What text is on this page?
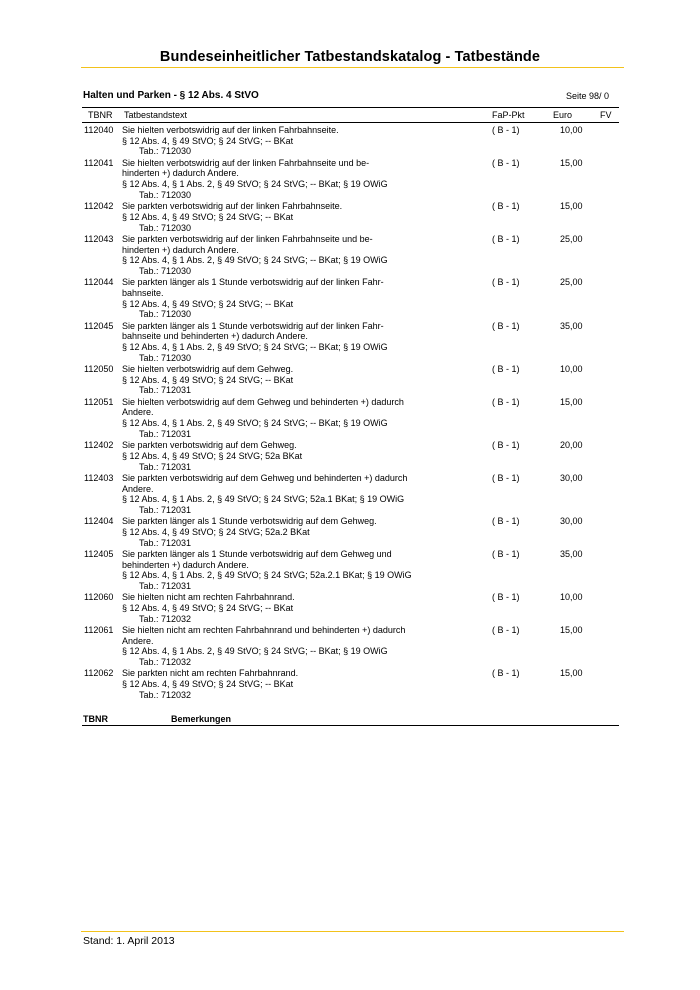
Bundeseinheitlicher Tatbestandskatalog - Tatbestände
Halten und Parken - § 12 Abs. 4 StVO	Seite 98/ 0
TBNR Tatbestandstext	FaP-Pkt	Euro	FV
112040 Sie hielten verbotswidrig auf der linken Fahrbahnseite.
§ 12 Abs. 4, § 49 StVO; § 24 StVG; -- BKat
Tab.: 712030
( B - 1)	10,00
112041 Sie hielten verbotswidrig auf der linken Fahrbahnseite und be-
hinderten +) dadurch Andere.
§ 12 Abs. 4, § 1 Abs. 2, § 49 StVO; § 24 StVG; -- BKat; § 19 OWiG
Tab.: 712030
( B - 1)	15,00
112042 Sie parkten verbotswidrig auf der linken Fahrbahnseite.
§ 12 Abs. 4, § 49 StVO; § 24 StVG; -- BKat
Tab.: 712030
( B - 1)	15,00
112043 Sie parkten verbotswidrig auf der linken Fahrbahnseite und be-
hinderten +) dadurch Andere.
§ 12 Abs. 4, § 1 Abs. 2, § 49 StVO; § 24 StVG; -- BKat; § 19 OWiG
Tab.: 712030
( B - 1)	25,00
112044 Sie parkten länger als 1 Stunde verbotswidrig auf der linken Fahr-
bahnseite.
§ 12 Abs. 4, § 49 StVO; § 24 StVG; -- BKat
Tab.: 712030
( B - 1)	25,00
112045 Sie parkten länger als 1 Stunde verbotswidrig auf der linken Fahr-
bahnseite und behinderten +) dadurch Andere.
§ 12 Abs. 4, § 1 Abs. 2, § 49 StVO; § 24 StVG; -- BKat; § 19 OWiG
Tab.: 712030
( B - 1)	35,00
112050 Sie hielten verbotswidrig auf dem Gehweg.
§ 12 Abs. 4, § 49 StVO; § 24 StVG; -- BKat
Tab.: 712031
( B - 1)	10,00
112051 Sie hielten verbotswidrig auf dem Gehweg und behinderten +) dadurch
Andere.
§ 12 Abs. 4, § 1 Abs. 2, § 49 StVO; § 24 StVG; -- BKat; § 19 OWiG
Tab.: 712031
( B - 1)	15,00
112402 Sie parkten verbotswidrig auf dem Gehweg.
§ 12 Abs. 4, § 49 StVO; § 24 StVG; 52a BKat
Tab.: 712031
( B - 1)	20,00
112403 Sie parkten verbotswidrig auf dem Gehweg und behinderten +) dadurch
Andere.
§ 12 Abs. 4, § 1 Abs. 2, § 49 StVO; § 24 StVG; 52a.1 BKat; § 19 OWiG
Tab.: 712031
( B - 1)	30,00
112404 Sie parkten länger als 1 Stunde verbotswidrig auf dem Gehweg.
§ 12 Abs. 4, § 49 StVO; § 24 StVG; 52a.2 BKat
Tab.: 712031
( B - 1)	30,00
112405 Sie parkten länger als 1 Stunde verbotswidrig auf dem Gehweg und
behinderten +) dadurch Andere.
§ 12 Abs. 4, § 1 Abs. 2, § 49 StVO; § 24 StVG; 52a.2.1 BKat; § 19 OWiG
Tab.: 712031
( B - 1)	35,00
112060 Sie hielten nicht am rechten Fahrbahnrand.
§ 12 Abs. 4, § 49 StVO; § 24 StVG; -- BKat
Tab.: 712032
( B - 1)	10,00
112061 Sie hielten nicht am rechten Fahrbahnrand und behinderten +) dadurch
Andere.
§ 12 Abs. 4, § 1 Abs. 2, § 49 StVO; § 24 StVG; -- BKat; § 19 OWiG
Tab.: 712032
( B - 1)	15,00
112062 Sie parkten nicht am rechten Fahrbahnrand.
§ 12 Abs. 4, § 49 StVO; § 24 StVG; -- BKat
Tab.: 712032
( B - 1)	15,00
TBNR	Bemerkungen
Stand: 1. April 2013
